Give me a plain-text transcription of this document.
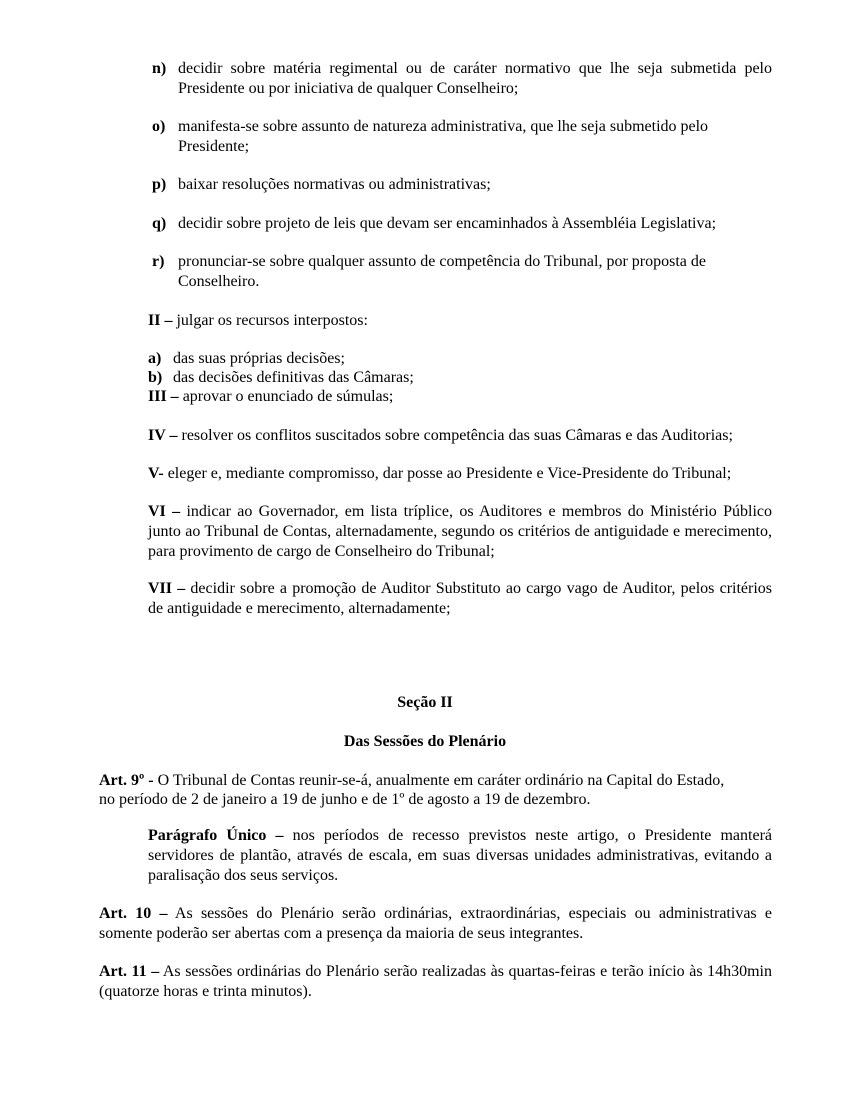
n) decidir sobre matéria regimental ou de caráter normativo que lhe seja submetida pelo Presidente ou por iniciativa de qualquer Conselheiro;
o) manifesta-se sobre assunto de natureza administrativa, que lhe seja submetido pelo Presidente;
p) baixar resoluções normativas ou administrativas;
q) decidir sobre projeto de leis que devam ser encaminhados à Assembléia Legislativa;
r) pronunciar-se sobre qualquer assunto de competência do Tribunal, por proposta de Conselheiro.
II – julgar os recursos interpostos:
a) das suas próprias decisões;
b) das decisões definitivas das Câmaras;
III – aprovar o enunciado de súmulas;
IV – resolver os conflitos suscitados sobre competência das suas Câmaras e das Auditorias;
V- eleger e, mediante compromisso, dar posse ao Presidente e Vice-Presidente do Tribunal;
VI – indicar ao Governador, em lista tríplice, os Auditores e membros do Ministério Público junto ao Tribunal de Contas, alternadamente, segundo os critérios de antiguidade e merecimento, para provimento de cargo de Conselheiro do Tribunal;
VII – decidir sobre a promoção de Auditor Substituto ao cargo vago de Auditor, pelos critérios de antiguidade e merecimento, alternadamente;
Seção II
Das Sessões do Plenário
Art. 9º - O Tribunal de Contas reunir-se-á, anualmente em caráter ordinário na Capital do Estado,
no período de 2 de janeiro a 19 de junho e de 1º de agosto a 19 de dezembro.
Parágrafo Único – nos períodos de recesso previstos neste artigo, o Presidente manterá servidores de plantão, através de escala, em suas diversas unidades administrativas, evitando a paralisação dos seus serviços.
Art. 10 – As sessões do Plenário serão ordinárias, extraordinárias, especiais ou administrativas e somente poderão ser abertas com a presença da maioria de seus integrantes.
Art. 11 – As sessões ordinárias do Plenário serão realizadas às quartas-feiras e terão início às 14h30min (quatorze horas e trinta minutos).
